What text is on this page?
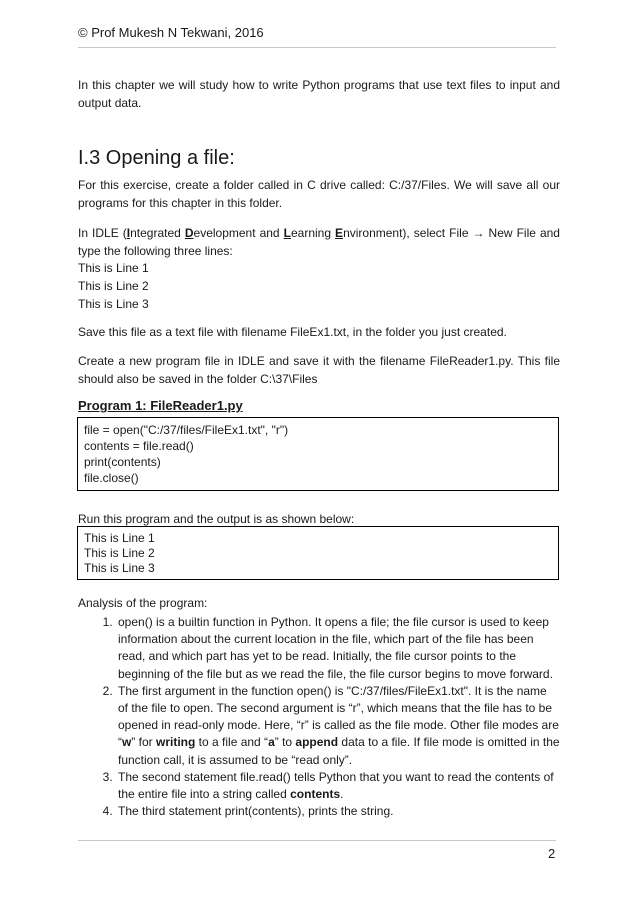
© Prof Mukesh N Tekwani, 2016
In this chapter we will study how to write Python programs that use text files to input and output data.
I.3 Opening a file:
For this exercise, create a folder called in C drive called: C:/37/Files. We will save all our programs for this chapter in this folder.
In IDLE (Integrated Development and Learning Environment), select File → New File and type the following three lines:
This is Line 1
This is Line 2
This is Line 3
Save this file as a text file with filename FileEx1.txt, in the folder you just created.
Create a new program file in IDLE and save it with the filename FileReader1.py. This file should also be saved in the folder C:\37\Files
Program 1: FileReader1.py
file = open("C:/37/files/FileEx1.txt", "r")
contents = file.read()
print(contents)
file.close()
Run this program and the output is as shown below:
This is Line 1
This is Line 2
This is Line 3
Analysis of the program:
1. open() is a builtin function in Python. It opens a file; the file cursor is used to keep information about the current location in the file, which part of the file has been read, and which part has yet to be read. Initially, the file cursor points to the beginning of the file but as we read the file, the file cursor begins to move forward.
2. The first argument in the function open() is "C:/37/files/FileEx1.txt". It is the name of the file to open. The second argument is “r”, which means that the file has to be opened in read-only mode. Here, “r” is called as the file mode. Other file modes are “w” for writing to a file and “a” to append data to a file. If file mode is omitted in the function call, it is assumed to be “read only”.
3. The second statement file.read() tells Python that you want to read the contents of the entire file into a string called contents.
4. The third statement print(contents), prints the string.
2
